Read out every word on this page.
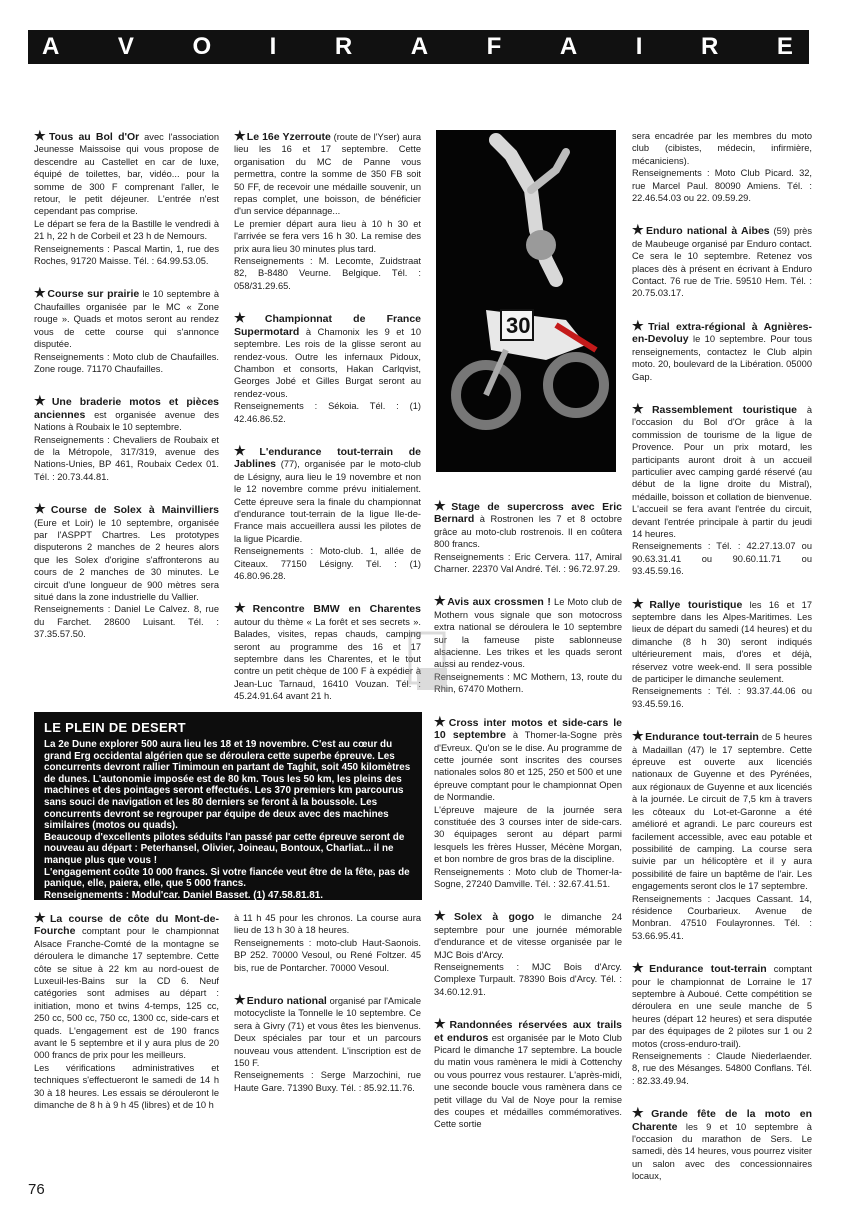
A V O I R A F A I R E

★Tous au Bol d'Or avec l'association Jeunesse Maissoise qui vous propose de descendre au Castellet en car de luxe, équipé de toilettes, bar, vidéo... pour la somme de 300 F comprenant l'aller, le retour, le petit déjeuner. L'entrée n'est cependant pas comprise.
Le départ se fera de la Bastille le vendredi à 21 h, 22 h de Corbeil et 23 h de Nemours.
Renseignements : Pascal Martin, 1, rue des Roches, 91720 Maisse. Tél. : 64.99.53.05.

★Course sur prairie le 10 septembre à Chaufailles organisée par le MC « Zone rouge ». Quads et motos seront au rendez vous de cette course qui s'annonce disputée.
Renseignements : Moto club de Chaufailles. Zone rouge. 71170 Chaufailles.

★Une braderie motos et pièces anciennes est organisée avenue des Nations à Roubaix le 10 septembre.
Renseignements : Chevaliers de Roubaix et de la Métropole, 317/319, avenue des Nations-Unies, BP 461, Roubaix Cedex 01. Tél. : 20.73.44.81.

★Course de Solex à Mainvilliers (Eure et Loir) le 10 septembre, organisée par l'ASPPT Chartres. Les prototypes disputerons 2 manches de 2 heures alors que les Solex d'origine s'affronterons au cours de 2 manches de 30 minutes. Le circuit d'une longueur de 900 mètres sera situé dans la zone industrielle du Vallier.
Renseignements : Daniel Le Calvez. 8, rue du Farchet. 28600 Luisant. Tél. : 37.35.57.50.

★Le 16e Yzerroute (route de l'Yser) aura lieu les 16 et 17 septembre. Cette organisation du MC de Panne vous permettra, contre la somme de 350 FB soit 50 FF, de recevoir une médaille souvenir, un repas complet, une boisson, de bénéficier d'un service dépannage...
Le premier départ aura lieu à 10 h 30 et l'arrivée se fera vers 16 h 30. La remise des prix aura lieu 30 minutes plus tard.
Renseignements : M. Lecomte, Zuidstraat 82, B-8480 Veurne. Belgique. Tél. : 058/31.29.65.

★Championnat de France Supermotard à Chamonix les 9 et 10 septembre. Les rois de la glisse seront au rendez-vous. Outre les infernaux Pidoux, Chambon et consorts, Hakan Carlqvist, Georges Jobé et Gilles Burgat seront au rendez-vous.
Renseignements : Sékoia. Tél. : (1) 42.46.86.52.

★L'endurance tout-terrain de Jablines (77), organisée par le moto-club de Lésigny, aura lieu le 19 novembre et non le 12 novembre comme prévu initialement. Cette épreuve sera la finale du championnat d'endurance tout-terrain de la ligue Ile-de-France mais accueillera aussi les pilotes de la ligue Picardie.
Renseignements : Moto-club. 1, allée de Citeaux. 77150 Lésigny. Tél. : (1) 46.80.96.28.

★Rencontre BMW en Charentes autour du thème « La forêt et ses secrets ». Balades, visites, repas chauds, camping seront au programme des 16 et 17 septembre dans les Charentes, et le tout contre un petit chèque de 100 F à expédier à Jean-Luc Tarnaud, 16410 Vouzan. Tél. : 45.24.91.64 avant 21 h.

30

★Stage de supercross avec Eric Bernard à Rostronen les 7 et 8 octobre grâce au moto-club rostrenois. Il en coûtera 800 francs.
Renseignements : Eric Cervera. 117, Amiral Charner. 22370 Val André. Tél. : 96.72.97.29.

★Avis aux crossmen ! Le Moto club de Mothern vous signale que son motocross extra national se déroulera le 10 septembre sur la fameuse piste sablonneuse alsacienne. Les trikes et les quads seront aussi au rendez-vous.
Renseignements : MC Mothern, 13, route du 67470 Mothern.

★Cross inter motos et side-cars le 10 septembre à Thomer-la-Sogne près d'Evreux. Qu'on se le dise. Au programme de cette journée sont inscrites des courses nationales solos 80 et 125, 250 et 500 et une épreuve comptant pour le championnat Open de Normandie.
L'épreuve majeure de la journée sera constituée des 3 courses inter de side-cars. 30 équipages seront au départ parmi lesquels les frères Husser, Mécène Morgan, et bon nombre de gros bras de la discipline.
Renseignements : Moto club de Thomer-la-Sogne, 27240 Damville. Tél. : 32.67.41.51.

★Solex à gogo le dimanche 24 septembre pour une journée mémorable d'endurance et de vitesse organisée par le MJC Bois d'Arcy.
Renseignements : MJC Bois d'Arcy. Complexe Turpault. 78390 Bois d'Arcy. Tél. : 34.60.12.91.

★Randonnées réservées aux trails et enduros est organisée par le Moto Club Picard le dimanche 17 septembre. La boucle du matin vous ramènera le midi à Cottenchy ou vous pourrez vous restaurer. L'après-midi, une seconde boucle vous ramènera dans ce petit village du Val de Noye pour la remise des coupes et médailles commémoratives. Cette sortie

sera encadrée par les membres du moto club (cibistes, médecin, infirmière, mécaniciens).
Renseignements : Moto Club Picard. 32, rue Marcel Paul. 80090 Amiens. Tél. : 22.46.54.03 ou 22. 09.59.29.

★Enduro national à Aibes (59) près de Maubeuge organisé par Enduro contact. Ce sera le 10 septembre. Retenez vos places dès à présent en écrivant à Enduro Contact. 76 rue de Trie. 59510 Hem. Tél. : 20.75.03.17.

★Trial extra-régional à Agnières-en-Devoluy le 10 septembre. Pour tous renseignements, contactez le Club alpin moto. 20, boulevard de la Libération. 05000 Gap.

★Rassemblement touristique à l'occasion du Bol d'Or grâce à la commission de tourisme de la ligue de Provence. Pour un prix motard, les participants auront droit à un accueil particulier avec camping gardé réservé (au début de la ligne droite du Mistral), médaille, boisson et collation de bienvenue. L'accueil se fera avant l'entrée du circuit, devant l'entrée principale à partir du jeudi 14 heures.
Renseignements : Tél. : 42.27.13.07 ou 90.63.31.41 ou 90.60.11.71 ou 93.45.59.16.

★Rallye touristique les 16 et 17 septembre dans les Alpes-Maritimes. Les lieux de départ du samedi (14 heures) et du dimanche (8 h 30) seront indiqués ultérieurement mais, d'ores et déjà, réservez votre week-end. Il sera possible de participer le dimanche seulement.
Renseignements : Tél. : 93.37.44.06 ou 93.45.59.16.

★Endurance tout-terrain de 5 heures à Madaillan (47) le 17 septembre. Cette épreuve est ouverte aux licenciés nationaux de Guyenne et des Pyrénées, aux régionaux de Guyenne et aux licenciés à la journée. Le circuit de 7,5 km à travers les côteaux du Lot-et-Garonne a été amélioré et agrandi. Le parc coureurs est facilement accessible, avec eau potable et possibilité de camping. La course sera suivie par un hélicoptère et il y aura possibilité de faire un baptême de l'air. Les engagements seront clos le 17 septembre.
Renseignements : Jacques Cassant. 14, résidence Courbarieux. Avenue de Monbran. 47510 Foulayronnes. Tél. : 53.66.95.41.

★Endurance tout-terrain comptant pour le championnat de Lorraine le 17 septembre à Auboué. Cette compétition se déroulera en une seule manche de 5 heures (départ 12 heures) et sera disputée par des équipages de 2 pilotes sur 1 ou 2 motos (cross-enduro-trail).
Renseignements : Claude Niederlaender. 8, rue des Mésanges. 54800 Conflans. Tél. : 82.33.49.94.

★Grande fête de la moto en Charente les 9 et 10 septembre à l'occasion du marathon de Sers. Le samedi, dès 14 heures, vous pourrez visiter un salon avec des concessionnaires locaux,

LE PLEIN DE DESERT

La 2e Dune explorer 500 aura lieu les 18 et 19 novembre. C'est au cœur du grand Erg occidental algérien que se déroulera cette superbe épreuve. Les concurrents devront rallier Timimoun en partant de Taghit, soit 450 kilomètres de dunes. L'autonomie imposée est de 80 km. Tous les 50 km, les pleins des machines et des pointages seront effectués. Les 370 premiers km parcourus sans souci de navigation et les 80 derniers se feront à la boussole. Les concurrents devront se regrouper par équipe de deux avec des machines similaires (motos ou quads).
Beaucoup d'excellents pilotes séduits l'an passé par cette épreuve seront de nouveau au départ : Peterhansel, Olivier, Joineau, Bontoux, Charliat... il ne manque plus que vous !
L'engagement coûte 10 000 francs. Si votre fiancée veut être de la fête, pas de panique, elle, paiera, elle, que 5 000 francs.
Renseignements : Modul'car. Daniel Basset. (1) 47.58.81.81.

★La course de côte du Mont-de-Fourche comptant pour le championnat Alsace Franche-Comté de la montagne se déroulera le dimanche 17 septembre. Cette côte se situe à 22 km au nord-ouest de Luxeuil-les-Bains sur la CD 6. Neuf catégories sont admises au départ : initiation, mono et twins 4-temps, 125 cc, 250 cc, 500 cc, 750 cc, 1300 cc, side-cars et quads. L'engagement est de 190 francs avant le 5 septembre et il y aura plus de 20 000 francs de prix pour les meilleurs.
Les vérifications administratives et techniques s'effectueront le samedi de 14 h 30 à 18 heures. Les essais se dérouleront le dimanche de 8 h à 9 h 45 (libres) et de 10 h

à 11 h 45 pour les chronos. La course aura lieu de 13 h 30 à 18 heures.
Renseignements : moto-club Haut-Saonois. BP 252. 70000 Vesoul, ou René Foltzer. 45 bis, rue de Pontarcher. 70000 Vesoul.

★Enduro national organisé par l'Amicale motocycliste la Tonnelle le 10 septembre. Ce sera à Givry (71) et vous êtes les bienvenus. Deux spéciales par tour et un parcours nouveau vous attendent. L'inscription est de 150 F.
Renseignements : Serge Marzochini, rue Haute Gare. 71390 Buxy. Tél. : 85.92.11.76.

76
